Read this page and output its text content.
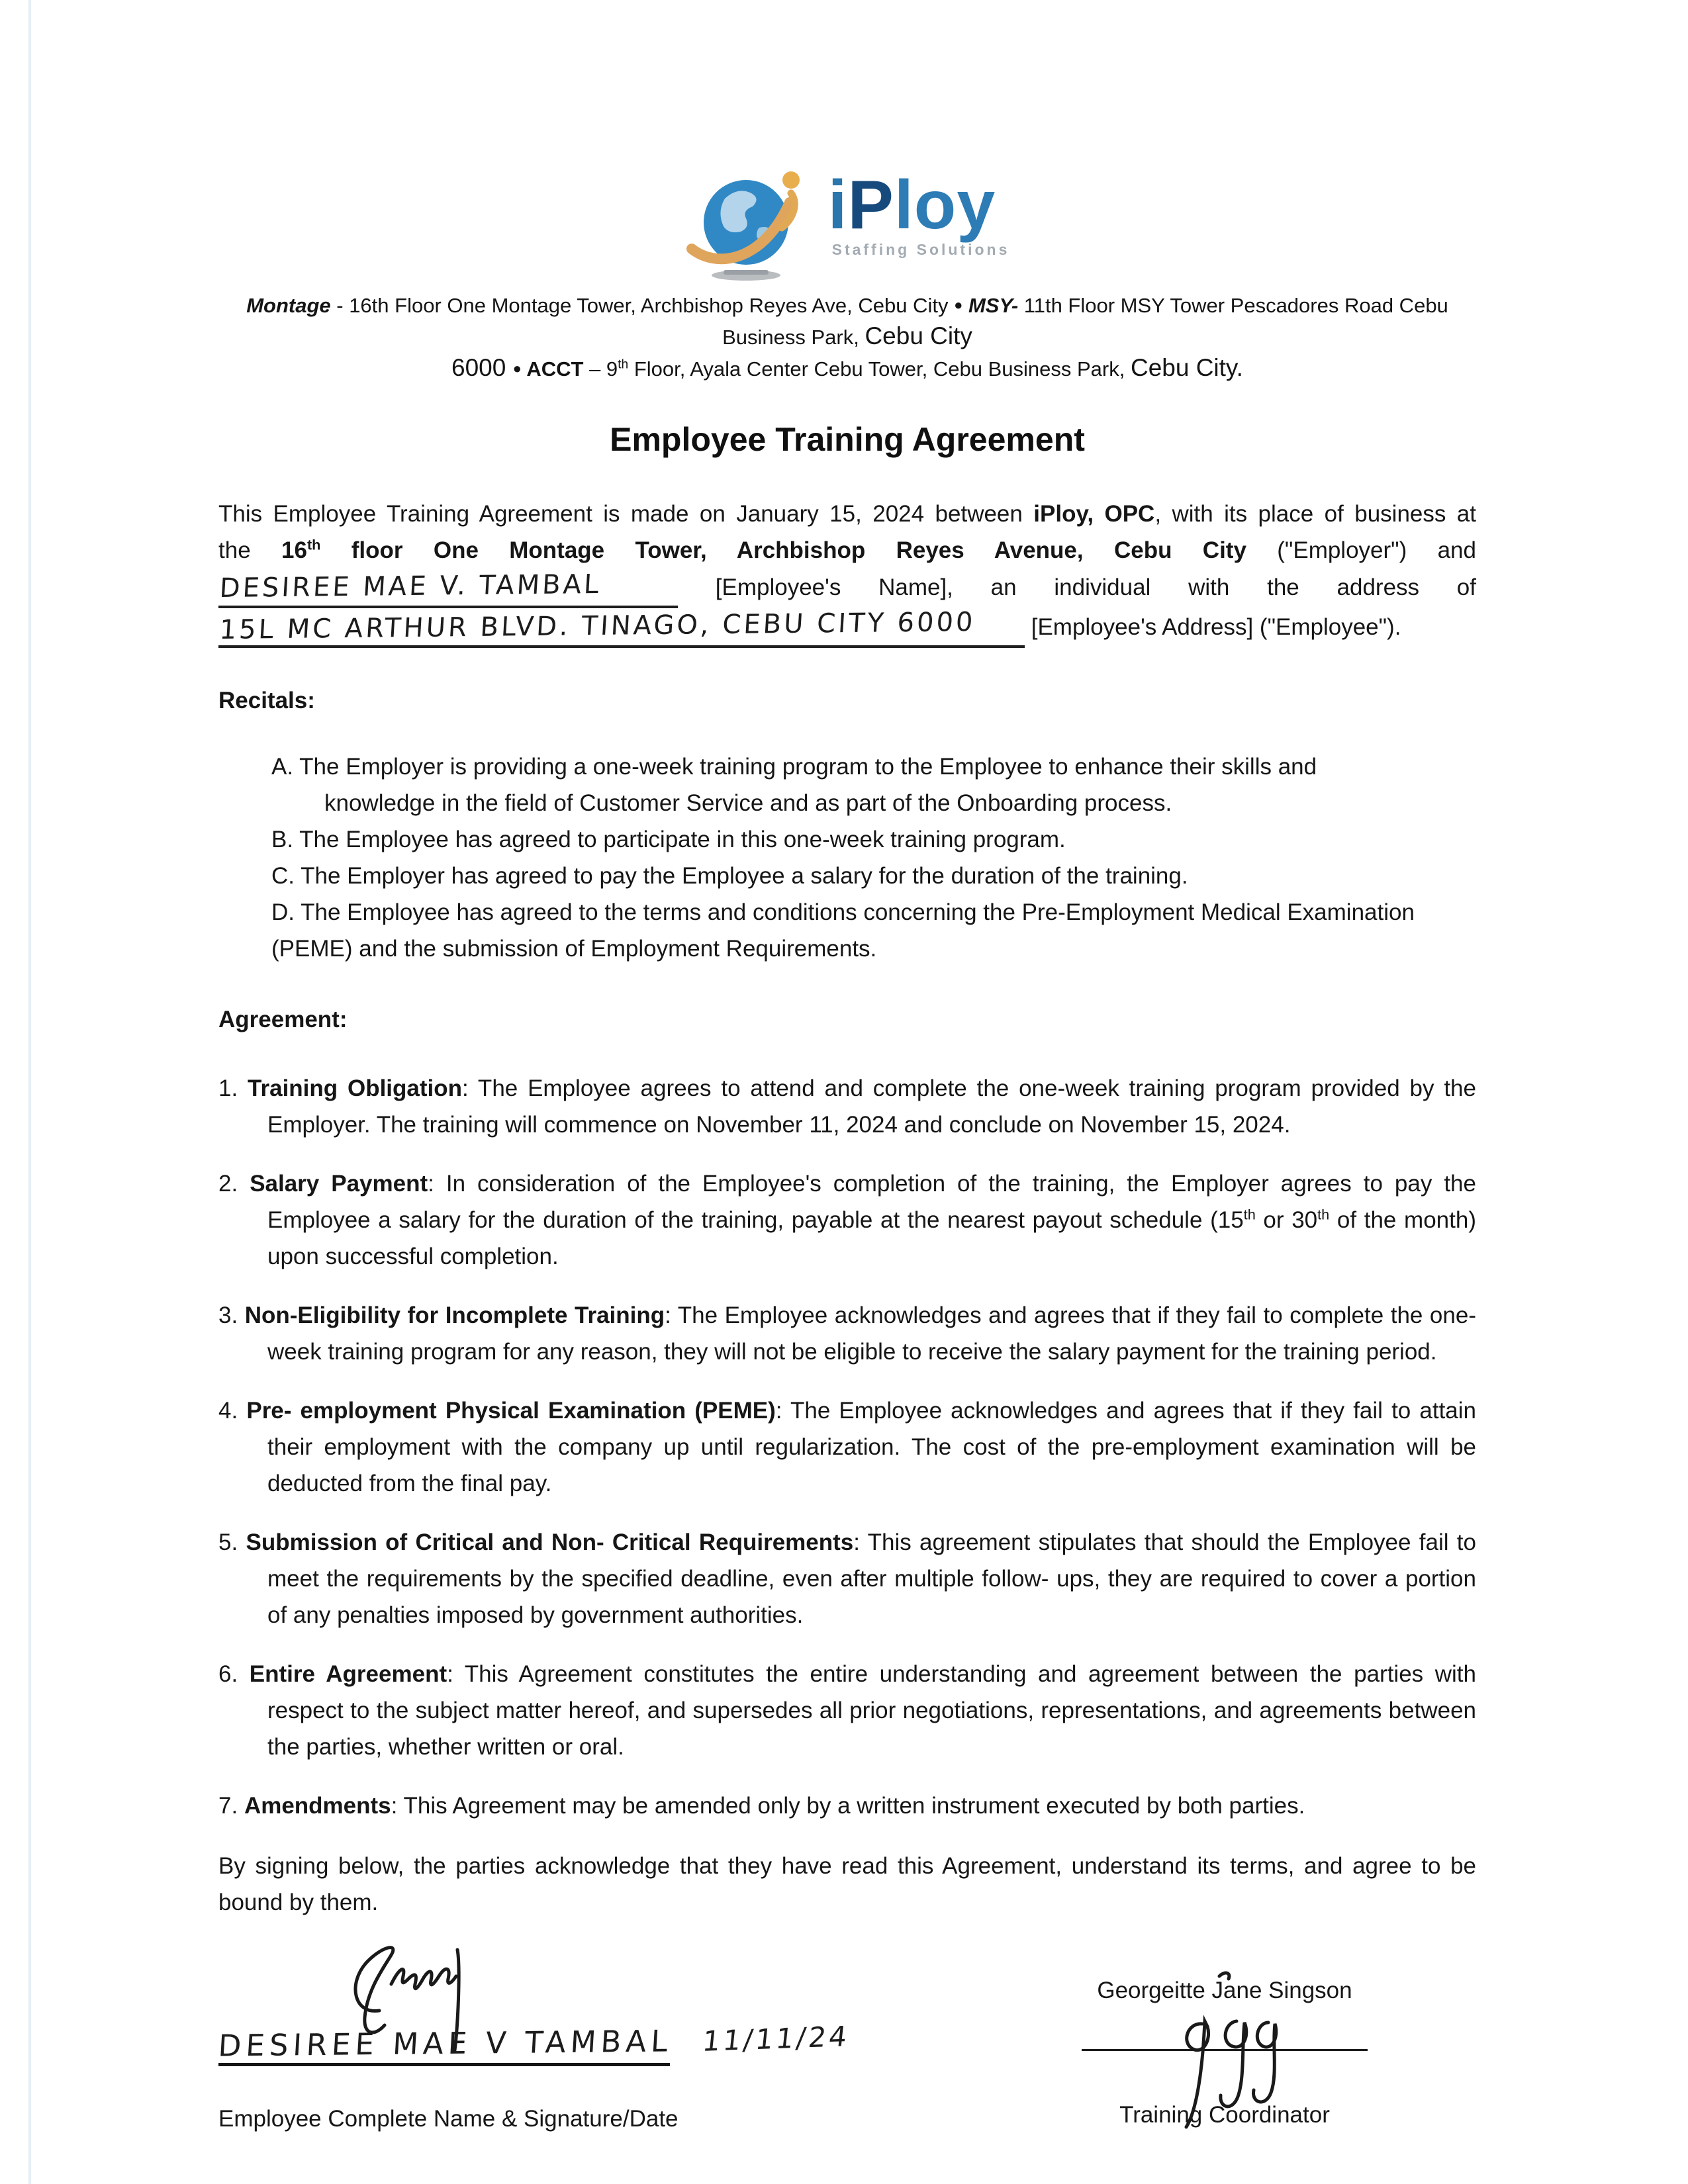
iPloy
Staffing Solutions
Montage - 16th Floor One Montage Tower, Archbishop Reyes Ave, Cebu City ● MSY- 11th Floor MSY Tower Pescadores Road Cebu Business Park, Cebu City
6000 ● ACCT – 9th Floor, Ayala Center Cebu Tower, Cebu Business Park, Cebu City.
Employee Training Agreement
This Employee Training Agreement is made on January 15, 2024 between iPloy, OPC, with its place of business at
the 16th floor One Montage Tower, Archbishop Reyes Avenue, Cebu City ("Employer") and
DESIREE MAE V. TAMBAL	[Employee's Name], an individual with the address of
15L MC ARTHUR BLVD. TINAGO, CEBU CITY 6000 [Employee's Address] ("Employee").
Recitals:
A. The Employer is providing a one-week training program to the Employee to enhance their skills and
knowledge in the field of Customer Service and as part of the Onboarding process.
B. The Employee has agreed to participate in this one-week training program.
C. The Employer has agreed to pay the Employee a salary for the duration of the training.
D. The Employee has agreed to the terms and conditions concerning the Pre-Employment Medical Examination
(PEME) and the submission of Employment Requirements.
Agreement:
1. Training Obligation: The Employee agrees to attend and complete the one-week training program provided by the Employer. The training will commence on November 11, 2024 and conclude on November 15, 2024.
2. Salary Payment: In consideration of the Employee's completion of the training, the Employer agrees to pay the Employee a salary for the duration of the training, payable at the nearest payout schedule (15th or 30th of the month) upon successful completion.
3. Non-Eligibility for Incomplete Training: The Employee acknowledges and agrees that if they fail to complete the one-week training program for any reason, they will not be eligible to receive the salary payment for the training period.
4. Pre- employment Physical Examination (PEME): The Employee acknowledges and agrees that if they fail to attain their employment with the company up until regularization. The cost of the pre-employment examination will be deducted from the final pay.
5. Submission of Critical and Non- Critical Requirements: This agreement stipulates that should the Employee fail to meet the requirements by the specified deadline, even after multiple follow- ups, they are required to cover a portion of any penalties imposed by government authorities.
6. Entire Agreement: This Agreement constitutes the entire understanding and agreement between the parties with respect to the subject matter hereof, and supersedes all prior negotiations, representations, and agreements between the parties, whether written or oral.
7. Amendments: This Agreement may be amended only by a written instrument executed by both parties.
By signing below, the parties acknowledge that they have read this Agreement, understand its terms, and agree to be bound by them.
DESIREE MAE V TAMBAL 11/11/24
Employee Complete Name & Signature/Date
Georgeitte Jane Singson
Training Coordinator
